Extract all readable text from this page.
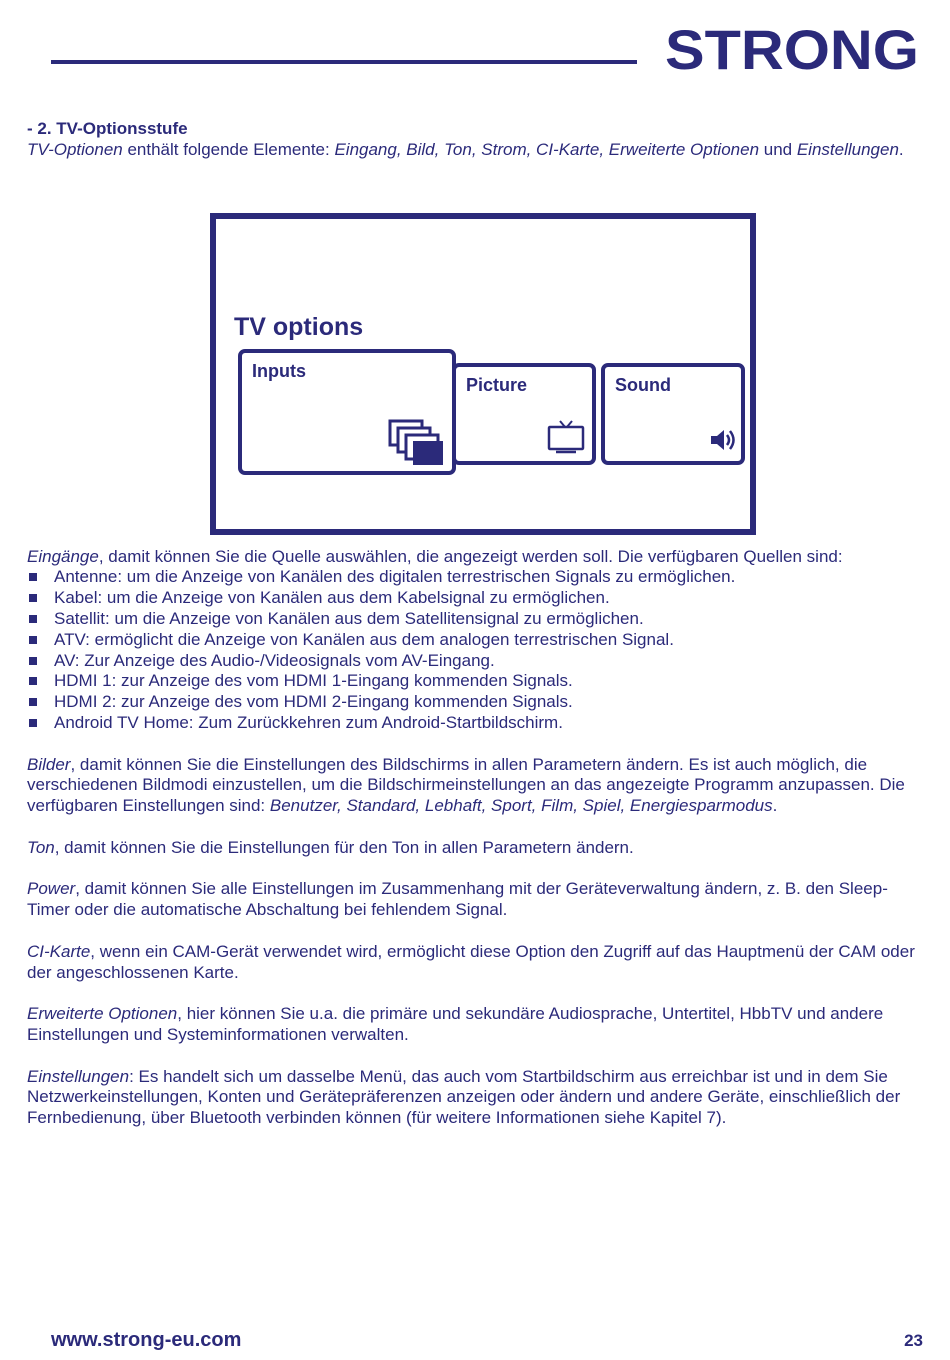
STRONG
- 2. TV-Optionsstufe
TV-Optionen enthält folgende Elemente: Eingang, Bild, Ton, Strom, CI-Karte, Erweiterte Optionen und Einstellungen.
Eingänge, damit können Sie die Quelle auswählen, die angezeigt werden soll. Die verfügbaren Quellen sind:
Antenne: um die Anzeige von Kanälen des digitalen terrestrischen Signals zu ermöglichen.
Kabel: um die Anzeige von Kanälen aus dem Kabelsignal zu ermöglichen.
Satellit: um die Anzeige von Kanälen aus dem Satellitensignal zu ermöglichen.
ATV: ermöglicht die Anzeige von Kanälen aus dem analogen terrestrischen Signal.
AV: Zur Anzeige des Audio-/Videosignals vom AV-Eingang.
HDMI 1: zur Anzeige des vom HDMI 1-Eingang kommenden Signals.
HDMI 2: zur Anzeige des vom HDMI 2-Eingang kommenden Signals.
Android TV Home: Zum Zurückkehren zum Android-Startbildschirm.
Bilder, damit können Sie die Einstellungen des Bildschirms in allen Parametern ändern. Es ist auch möglich, die verschiedenen Bildmodi einzustellen, um die Bildschirmeinstellungen an das angezeigte Programm anzupassen. Die verfügbaren Einstellungen sind: Benutzer, Standard, Lebhaft, Sport, Film, Spiel, Energiesparmodus.
Ton, damit können Sie die Einstellungen für den Ton in allen Parametern ändern.
Power, damit können Sie alle Einstellungen im Zusammenhang mit der Geräteverwaltung ändern, z. B. den Sleep-Timer oder die automatische Abschaltung bei fehlendem Signal.
CI-Karte, wenn ein CAM-Gerät verwendet wird, ermöglicht diese Option den Zugriff auf das Hauptmenü der CAM oder der angeschlossenen Karte.
Erweiterte Optionen, hier können Sie u.a. die primäre und sekundäre Audiosprache, Untertitel, HbbTV und andere Einstellungen und Systeminformationen verwalten.
Einstellungen: Es handelt sich um dasselbe Menü, das auch vom Startbildschirm aus erreichbar ist und in dem Sie Netzwerkeinstellungen, Konten und Gerätepräferenzen anzeigen oder ändern und andere Geräte, einschließlich der Fernbedienung, über Bluetooth verbinden können (für weitere Informationen siehe Kapitel 7).
TV options
Inputs
Picture	Sound
www.strong-eu.com	23
